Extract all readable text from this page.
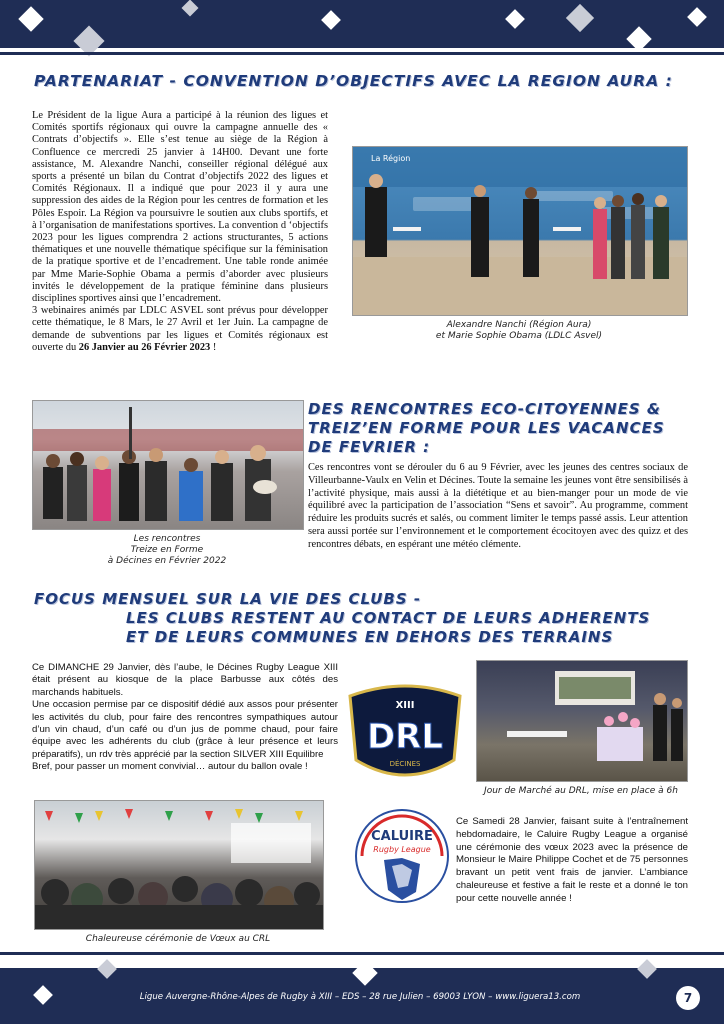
PARTENARIAT - CONVENTION D’OBJECTIFS AVEC LA REGION AURA :
Le Président de la ligue Aura a participé à la réunion des ligues et Comités sportifs régionaux qui ouvre la campagne annuelle des « Contrats d’objectifs ». Elle s’est tenue au siège de la Région à Confluence ce mercredi 25 janvier à 14H00. Devant une forte assistance, M. Alexandre Nanchi, conseiller régional délégué aux sports a présenté un bilan du Contrat d’objectifs 2022 des ligues et Comités Régionaux. Il a indiqué que pour 2023 il y aura une suppression des aides de la Région pour les centres de formation et les Pôles Espoir. La Région va poursuivre le soutien aux clubs sportifs, et à l’organisation de manifestations sportives. La convention d ‘objectifs 2023 pour les ligues comprendra 2 actions structurantes, 5 actions thématiques et une nouvelle thématique spécifique sur la féminisation de la pratique sportive et de l’encadrement. Une table ronde animée par Mme Marie-Sophie Obama a permis d’aborder avec plusieurs invités le développement de la pratique féminine dans plusieurs disciplines sportives ainsi que l’encadrement.
3 webinaires animés par LDLC ASVEL sont prévus pour développer cette thématique, le 8 Mars, le 27 Avril et 1er Juin. La campagne de demande de subventions par les ligues et Comités régionaux est ouverte du 26 Janvier au 26 Février 2023 !
La Région
Alexandre Nanchi (Région Aura)
et Marie Sophie Obama (LDLC Asvel)
Les rencontres
Treize en Forme
à Décines en Février 2022
DES RENCONTRES ECO-CITOYENNES &
TREIZ’EN FORME POUR LES VACANCES
DE FEVRIER :
Ces rencontres vont se dérouler du 6 au 9 Février, avec les jeunes des centres sociaux de Villeurbanne-Vaulx en Velin et Décines. Toute la semaine les jeunes vont être sensibilisés à l’activité physique, mais aussi à la diététique et au bien-manger pour un mode de vie équilibré avec la participation de l’association “Sens et savoir”. Au programme, comment réduire les produits sucrés et salés, ou comment limiter le temps passé assis. Leur attention sera aussi portée sur l’environnement et le comportement écocitoyen avec des quizz et des rencontres débats, en espérant une météo clémente.
FOCUS MENSUEL SUR LA VIE DES CLUBS -
LES CLUBS RESTENT AU CONTACT DE LEURS ADHERENTS
ET DE LEURS COMMUNES EN DEHORS DES TERRAINS
Ce DIMANCHE 29 Janvier, dès l’aube, le Décines Rugby League XIII était présent au kiosque de la place Barbusse aux côtés des marchands habituels.
Une occasion permise par ce dispositif dédié aux assos pour présenter les activités du club, pour faire des rencontres sympathiques autour d’un vin chaud, d’un café ou d’un jus de pomme chaud, pour faire équipe avec les adhérents du club (grâce à leur présence et leurs préparatifs), un rdv très apprécié par la section SILVER XIII Equilibre
Bref, pour passer un moment convivial… autour du ballon ovale !
XIII
DRL
DÉCINES
Jour de Marché au DRL, mise en place à 6h
Chaleureuse cérémonie de Vœux au CRL
CALUIRE
Rugby League
Ce Samedi 28 Janvier, faisant suite à l’entraînement hebdomadaire, le Caluire Rugby League a organisé une cérémonie des vœux 2023 avec la présence de Monsieur le Maire Philippe Cochet et de 75 personnes bravant un petit vent frais de janvier. L’ambiance chaleureuse et festive a fait le reste et a donné le ton pour cette nouvelle année !
Ligue Auvergne-Rhône-Alpes de Rugby à XIII – EDS – 28 rue Julien – 69003 LYON – www.liguera13.com	7
